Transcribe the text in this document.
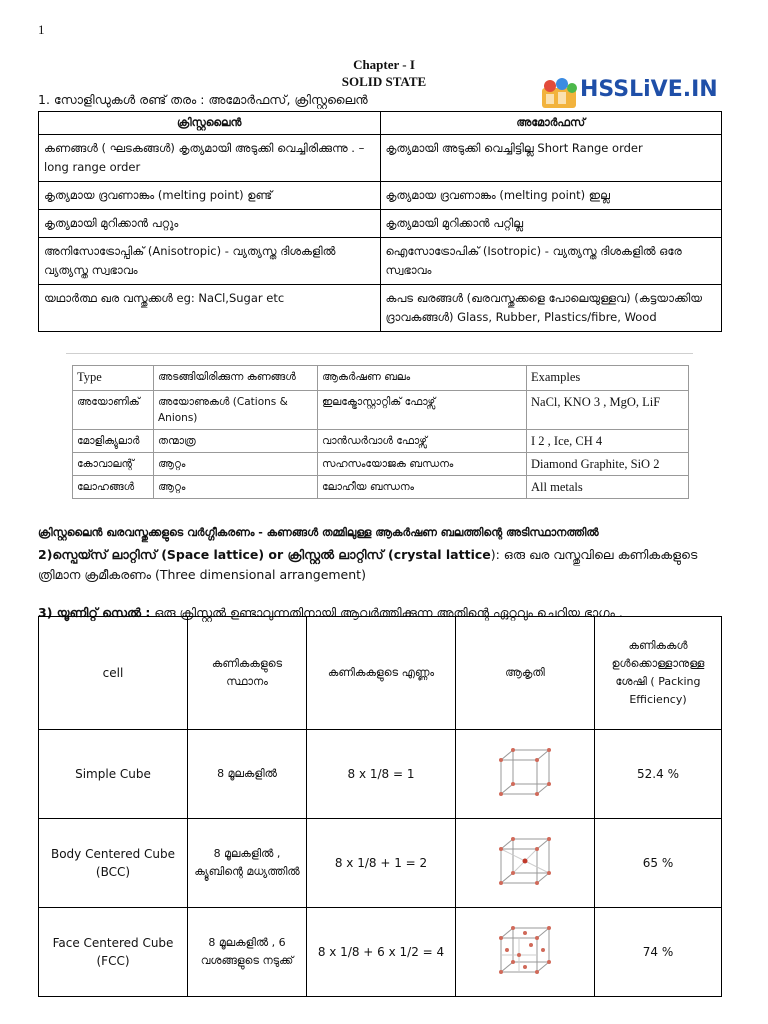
1
Chapter - I
SOLID STATE	HSSLiVE.IN
1. സോളിഡുകൾ രണ്ട് തരം : അമോർഫസ്, ക്രിസ്റ്റലൈൻ
ക്രിസ്റ്റലൈൻ	അമോർഫസ്
കണങ്ങൾ ( ഘടകങ്ങൾ) കൃത്യമായി അടുക്കി വെച്ചിരിക്കുന്നു . – long range order	കൃത്യമായി അടുക്കി വെച്ചിട്ടില്ല Short Range order
കൃത്യമായ ദ്രവണാങ്കം (melting point) ഉണ്ട്	കൃത്യമായ ദ്രവണാങ്കം (melting point) ഇല്ല
കൃത്യമായി മുറിക്കാൻ പറ്റും	കൃത്യമായി മുറിക്കാൻ പറ്റില്ല
അനിസോട്രോപ്പിക് (Anisotropic) - വ്യത്യസ്ത ദിശകളിൽ വ്യത്യസ്ത സ്വഭാവം	ഐസോട്രോപിക് (Isotropic) - വ്യത്യസ്ത ദിശകളിൽ ഒരേ സ്വഭാവം
യഥാർത്ഥ ഖര വസ്തുക്കൾ eg: NaCl,Sugar etc	കപട ഖരങ്ങൾ (ഖരവസ്തുക്കളെ പോലെയുള്ളവ) (കട്ടയാക്കിയ ദ്രാവകങ്ങൾ) Glass, Rubber, Plastics/fibre, Wood
Type	അടങ്ങിയിരിക്കുന്ന കണങ്ങൾ	ആകർഷണ ബലം	Examples
അയോണിക്	അയോണുകൾ (Cations & Anions)	ഇലക്ട്രോസ്റ്റാറ്റിക് ഫോഴ്സ്	NaCl, KNO 3 , MgO, LiF
മോളിക്യുലാർ	തന്മാത്ര	വാൻഡർവാൾ ഫോഴ്സ്	I 2 , Ice, CH 4
കോവാലന്റ്	ആറ്റം	സഹസംയോജക ബന്ധനം	Diamond Graphite, SiO 2
ലോഹങ്ങൾ	ആറ്റം	ലോഹീയ ബന്ധനം	All metals
ക്രിസ്റ്റലൈൻ ഖരവസ്തുക്കളുടെ വർഗ്ഗീകരണം - കണങ്ങൾ തമ്മിലുള്ള ആകർഷണ ബലത്തിന്റെ അടിസ്ഥാനത്തിൽ
2)സ്പെയ്സ് ലാറ്റിസ് (Space lattice) or ക്രിസ്റ്റൽ ലാറ്റിസ് (crystal lattice): ഒരു ഖര വസ്തുവിലെ കണികകളുടെ
ത്രിമാന ക്രമീകരണം (Three dimensional arrangement)
3) യൂണിറ്റ് സെൽ : ഒരു ക്രിസ്റ്റൽ ഉണ്ടാവുന്നതിനായി ആവർത്തിക്കുന്ന അതിന്റെ ഏറ്റവും ചെറിയ ഭാഗം .
cell	കണികകളുടെ സ്ഥാനം	കണികകളുടെ എണ്ണം	ആകൃതി	കണികകൾ ഉൾക്കൊള്ളാനുള്ള ശേഷി ( Packing Efficiency)
Simple Cube	8 മൂലകളിൽ	8 x 1/8 = 1		52.4 %
Body Centered Cube (BCC)	8 മൂലകളിൽ , ക്യൂബിന്റെ മധ്യത്തിൽ	8 x 1/8 + 1 = 2		65 %
Face Centered Cube (FCC)	8 മൂലകളിൽ , 6 വശങ്ങളുടെ നടുക്ക്	8 x 1/8 + 6 x 1/2 = 4		74 %
